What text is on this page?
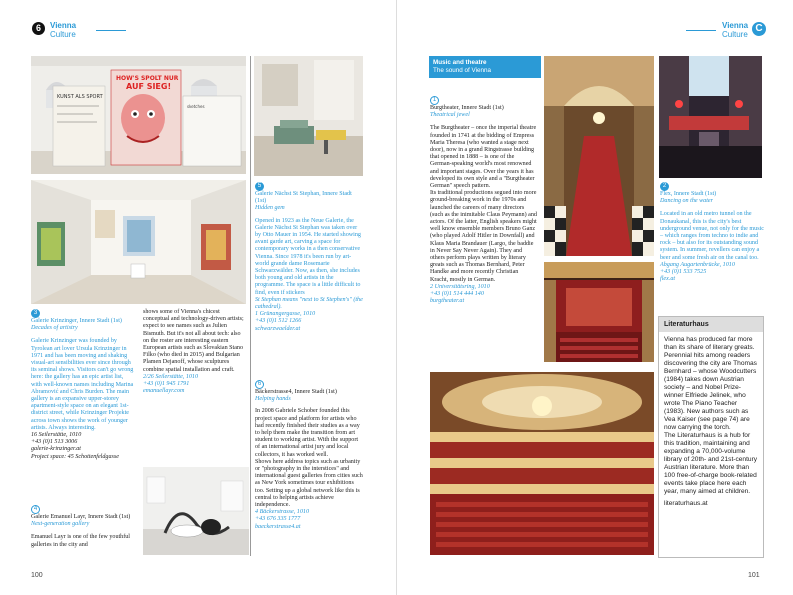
6	Vienna
Culture
Vienna
Culture
C
KUNST ALS SPORT
HOW'S SPOLT NUR
AUF SIEG!
sketches

3

Galerie Krinzinger, Innere Stadt (1st)

Decades of artistry

Galerie Krinzinger was founded by Tyrolean art lover Ursula Krinzinger in 1971 and has been moving and shaking visual-art sensibilities ever since through its seminal shows. Visitors can't go wrong here: the gallery has an epic artist list, with well-known names including Marina Abramović and Chris Burden. The main gallery is an expansive upper-storey apartment-style space on an elegant 1st-district street, while Krinzinger Projekte across town shows the work of younger artists. Always interesting.

16 Seilerstätte, 1010

+43 (0)1 513 3006

galerie-krinzinger.at

Project space: 45 Schottenfeldgasse

4

Galerie Emanuel Layr, Innere Stadt (1st)

Next-generation gallery

Emanuel Layr is one of the few youthful galleries in the city and

shows some of Vienna's chicest conceptual and technology-driven artists; expect to see names such as Julien Bismuth. But it's not all about tech: also on the roster are interesting eastern European artists such as Slovakian Stano Filko (who died in 2015) and Bulgarian Plamen Dejanoff, whose sculptures combine spatial installation and craft.

2/26 Seilerstätte, 1010

+43 (0)1 945 1791

emanuellayr.com

5

Galerie Nächst St Stephan, Innere Stadt (1st)

Hidden gem

Opened in 1923 as the Neue Galerie, the Galerie Nächst St Stephan was taken over by Otto Mauer in 1954. He started showing avant garde art, carving a space for contemporary works in a then conservative Vienna. Since 1978 it's been run by art-world grande dame Rosemarie Schwarzwälder. Now, as then, she includes both young and old artists in the programme. The space is a little difficult to find, even if stickers

St Stephan means "next to St Stephen's" (the cathedral).

1 Grünangergasse, 1010

+43 (0)1 512 1266

schwarzwaelder.at

6

Bäckerstrasse4, Innere Stadt (1st)

Helping hands

In 2008 Gabriele Schober founded this project space and platform for artists who had recently finished their studies as a way to help them make the transition from art student to working artist. With the support of an international artist jury and local collectors, it has worked well.
Shows here address topics such as urbanity or "photography in the interstices" and international guest galleries from cities such as New York sometimes tour exhibitions too. Setting up a global network like this is central to helping artists achieve independence.

4 Bäckerstrasse, 1010

+43 676 335 1777

baeckerstrasse4.at

100
Music and theatre
The sound of Vienna

1

Burgtheater, Innere Stadt (1st)

Theatrical jewel

The Burgtheater – once the imperial theatre founded in 1741 at the bidding of Empress Maria Theresa (who wanted a stage next door), now in a grand Ringstrasse building that opened in 1888 – is one of the German-speaking world's most renowned and important stages. Over the years it has developed its own style and a "Burgtheater German" speech pattern.
Its traditional productions segued into more ground-breaking work in the 1970s and launched the careers of many directors (such as the inimitable Claus Peymann) and actors. Of the latter, English speakers might well know ensemble members Bruno Ganz (who played Adolf Hitler in Downfall) and Klaus Maria Brandauer (Largo, the baddie in Never Say Never Again). They and others perform plays written by literary greats such as Thomas Bernhard, Peter Handke and more recently Christian Kracht, mostly in German.

2 Universitätsring, 1010

+43 (0)1 514 444 140

burgtheater.at

2

Flex, Innere Stadt (1st)

Dancing on the water

Located in an old metro tunnel on the Donaukanal, this is the city's best underground venue, not only for the music – which ranges from techno to indie and rock – but also for its outstanding sound system. In summer, revellers can enjoy a beer and some fresh air on the canal too.

Abgang Augartenbrücke, 1010

+43 (0)1 533 7525

flex.at

Literaturhaus
Vienna has produced far more than its share of literary greats. Perennial hits among readers discovering the city are Thomas Bernhard – whose Woodcutters (1984) takes down Austrian society – and Nobel Prize-winner Elfriede Jelinek, who wrote The Piano Teacher (1983). New authors such as Vea Kaiser (see page 74) are now carrying the torch.
The Literaturhaus is a hub for this tradition, maintaining and expanding a 70,000-volume library of 20th- and 21st-century Austrian literature. More than 100 free-of-charge book-related events take place here each year, many aimed at children.
literaturhaus.at
101
